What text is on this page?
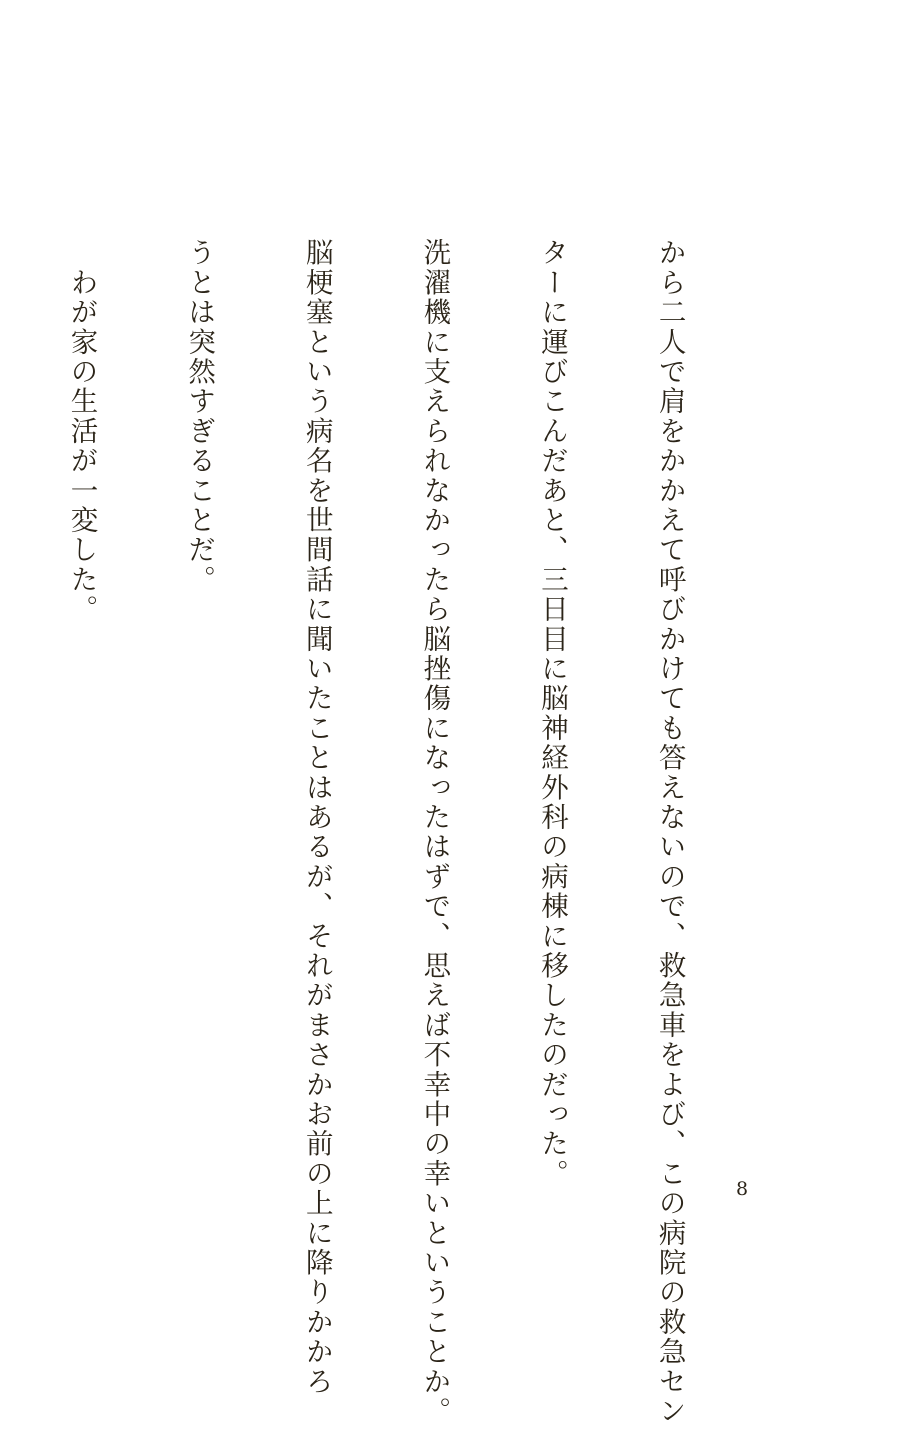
から二人で肩をかかえて呼びかけても答えないので、救急車をよび、この病院の救急セン

ターに運びこんだあと、三日目に脳神経外科の病棟に移したのだった。

洗濯機に支えられなかったら脳挫傷になったはずで、思えば不幸中の幸いということか。

脳梗塞という病名を世間話に聞いたことはあるが、それがまさかお前の上に降りかかろ

うとは突然すぎることだ。

　わが家の生活が一変した。

8
